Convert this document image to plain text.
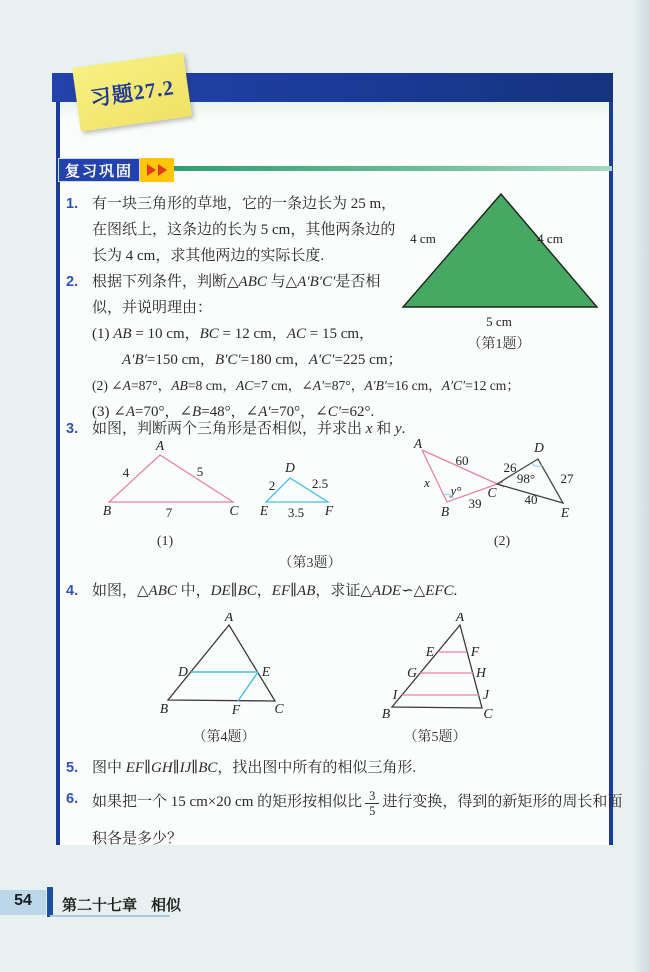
习题27.2
复习巩固
1. 有一块三角形的草地，它的一条边长为 25 m，
在图纸上，这条边的长为 5 cm，其他两条边的
长为 4 cm，求其他两边的实际长度.
4 cm	4 cm
5 cm
（第1题）
2. 根据下列条件，判断△ABC 与△A′B′C′是否相
似，并说明理由：
(1) AB = 10 cm，BC = 12 cm，AC = 15 cm，
A′B′=150 cm，B′C′=180 cm，A′C′=225 cm；
(2) ∠A=87°，AB=8 cm，AC=7 cm，∠A′=87°，A′B′=16 cm，A′C′=12 cm；
(3) ∠A=70°，∠B=48°，∠A′=70°，∠C′=62°.
3. 如图，判断两个三角形是否相似，并求出 x 和 y.
A
B	C
4	5
7
D
E	F
2	2.5
3.5
(1)
A
B
C
D
E
60
x
y°
39
26
98° 27
40
(2)
（第3题）
4. 如图，△ABC 中，DE∥BC，EF∥AB，求证△ADE∽△EFC.
A
B	C
D	E
F
（第4题）
A
B	C
E	F
G	H
I	J
（第5题）
5. 图中 EF∥GH∥IJ∥BC，找出图中所有的相似三角形.
6. 如果把一个 15 cm×20 cm 的矩形按相似比 $\frac{3}{5}$ 进行变换，得到的新矩形的周长和面
积各是多少？
54	第二十七章 相似
